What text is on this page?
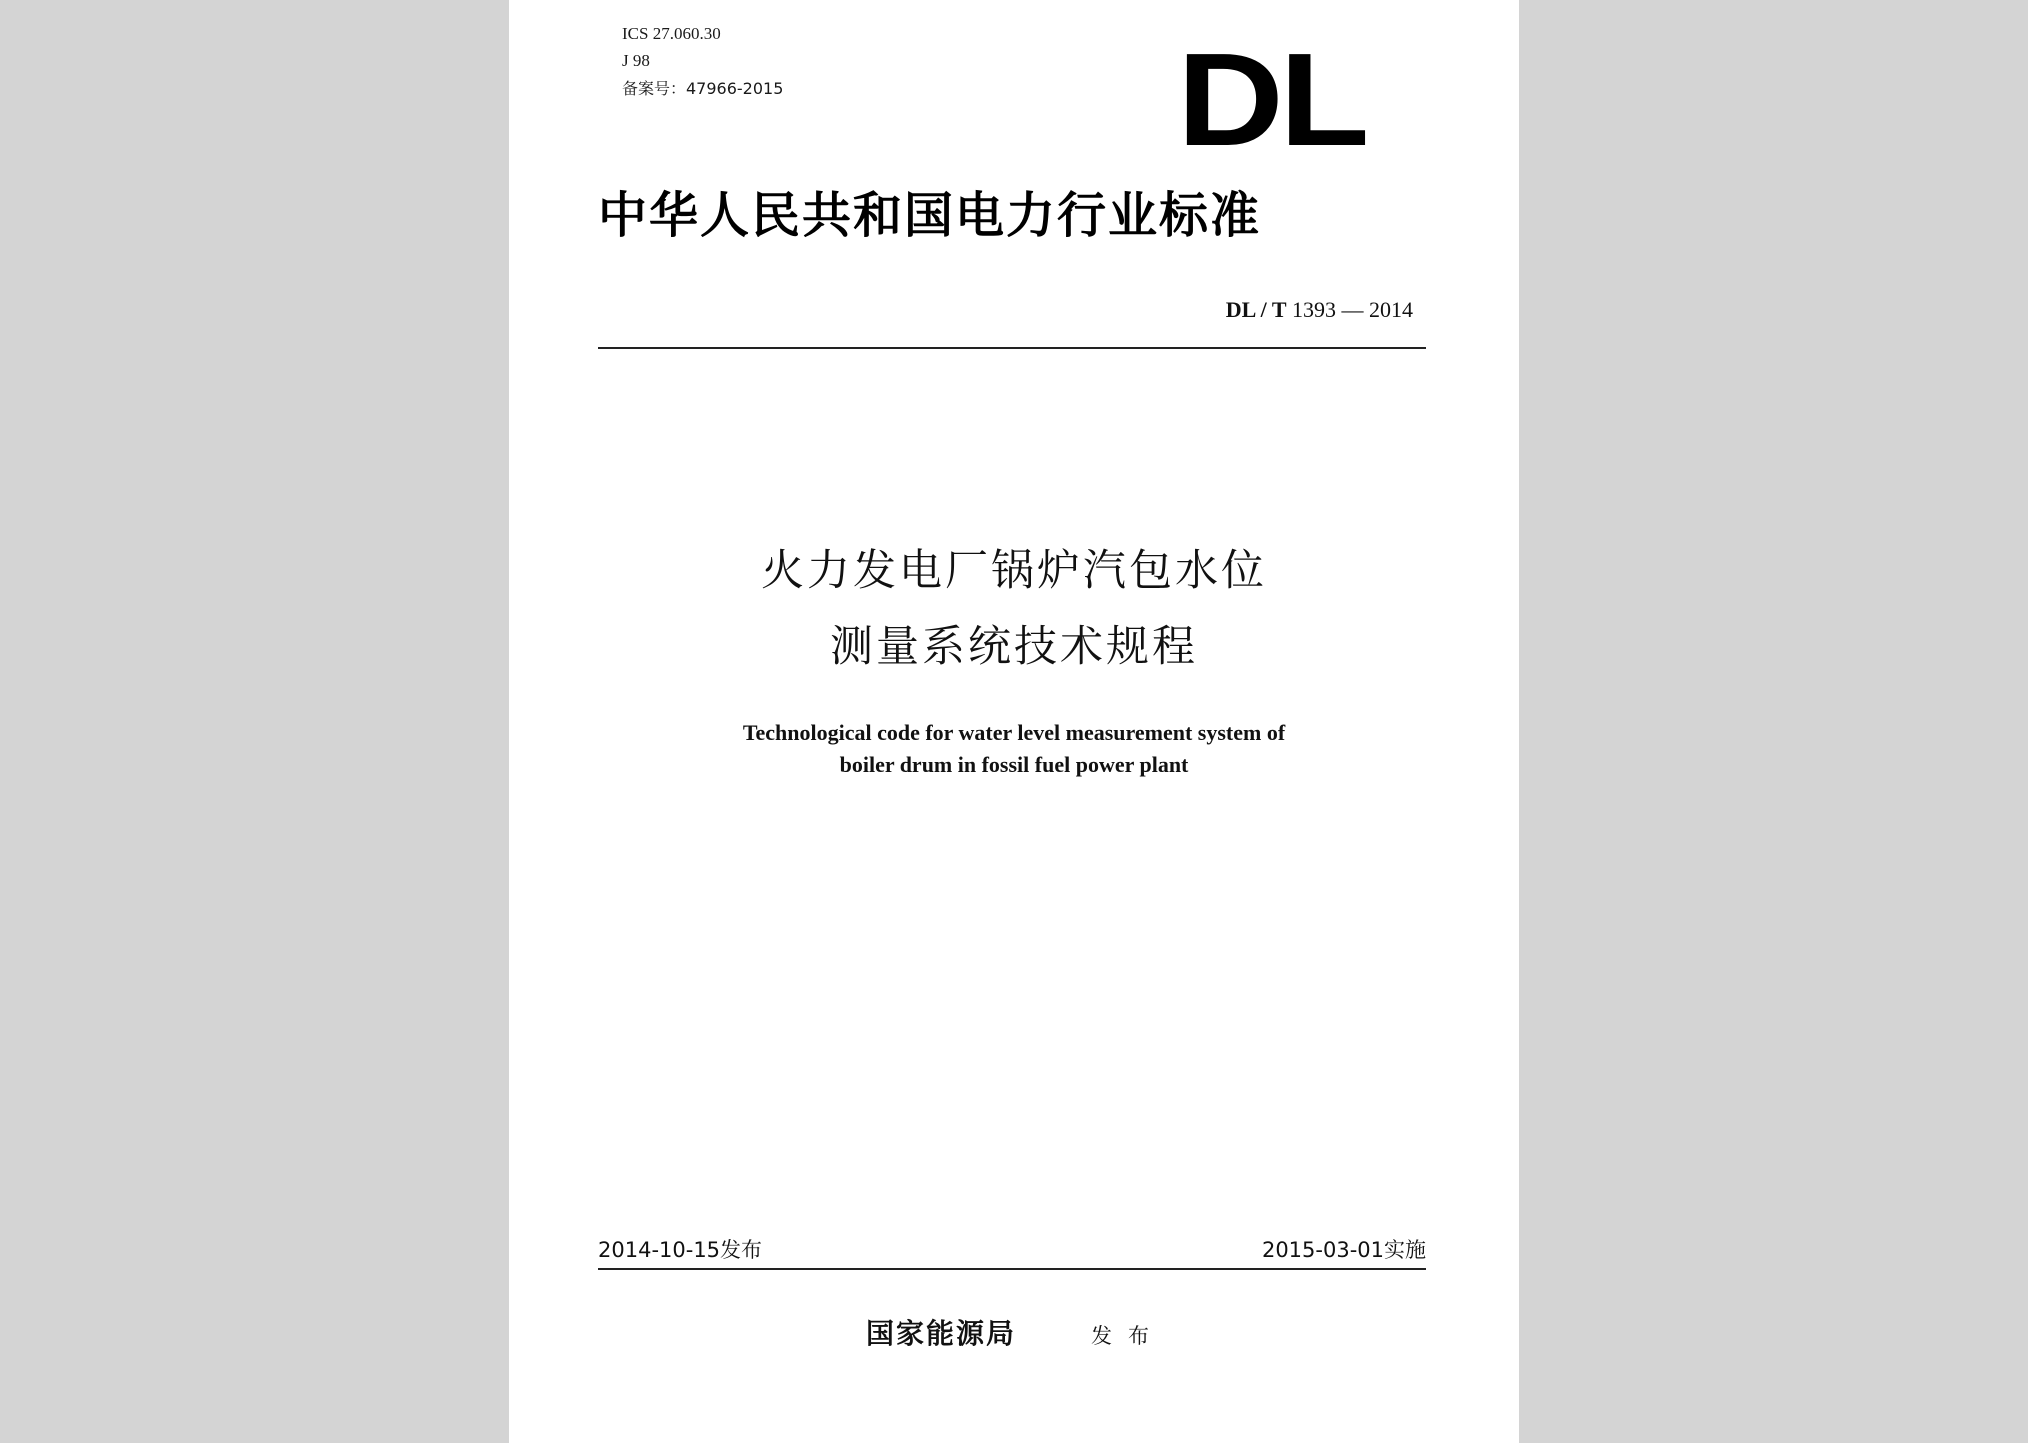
ICS 27.060.30
J 98
备案号：47966-2015	DL
中华人民共和国电力行业标准
DL / T 1393 — 2014
火力发电厂锅炉汽包水位
测量系统技术规程
Technological code for water level measurement system of
boiler drum in fossil fuel power plant
2014-10-15发布	2015-03-01实施
国家能源局	发布
